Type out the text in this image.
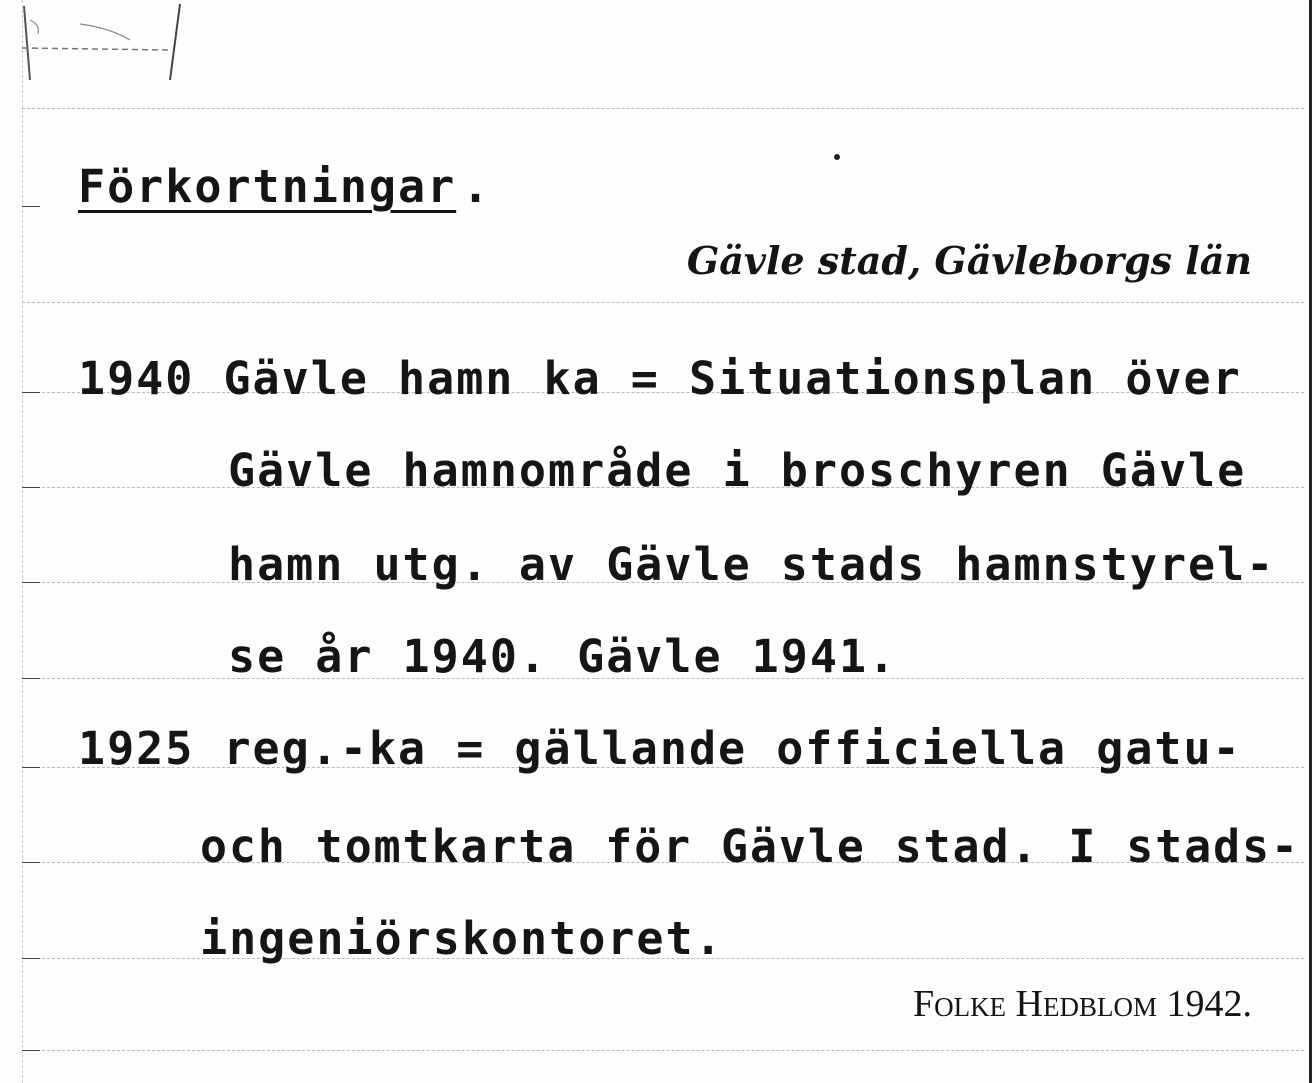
Förkortningar .
Gävle stad, Gävleborgs län
1940 Gävle hamn ka = Situationsplan över
Gävle hamnområde i broschyren Gävle
hamn utg. av Gävle stads hamnstyrel-
se år 1940. Gävle 1941.
1925 reg.-ka = gällande officiella gatu-
och tomtkarta för Gävle stad. I stads-
ingeniörskontoret.
Folke Hedblom 1942.
